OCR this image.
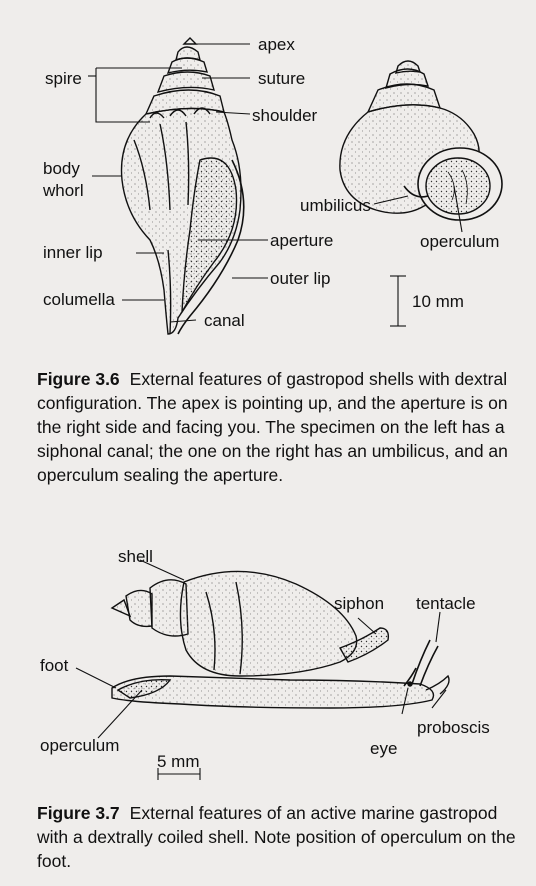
apex
spire	suture
shoulder
body
whorl
inner lip
aperture
outer lip
columella
canal
umbilicus
operculum
10 mm
shell
siphon tentacle
foot
operculum
proboscis
eye
5 mm
Figure 3.6 External features of gastropod shells with dextral configuration. The apex is pointing up, and the aperture is on the right side and facing you. The specimen on the left has a siphonal canal; the one on the right has an umbilicus, and an operculum sealing the aperture.
Figure 3.7 External features of an active marine gastropod with a dextrally coiled shell. Note position of operculum on the foot.
